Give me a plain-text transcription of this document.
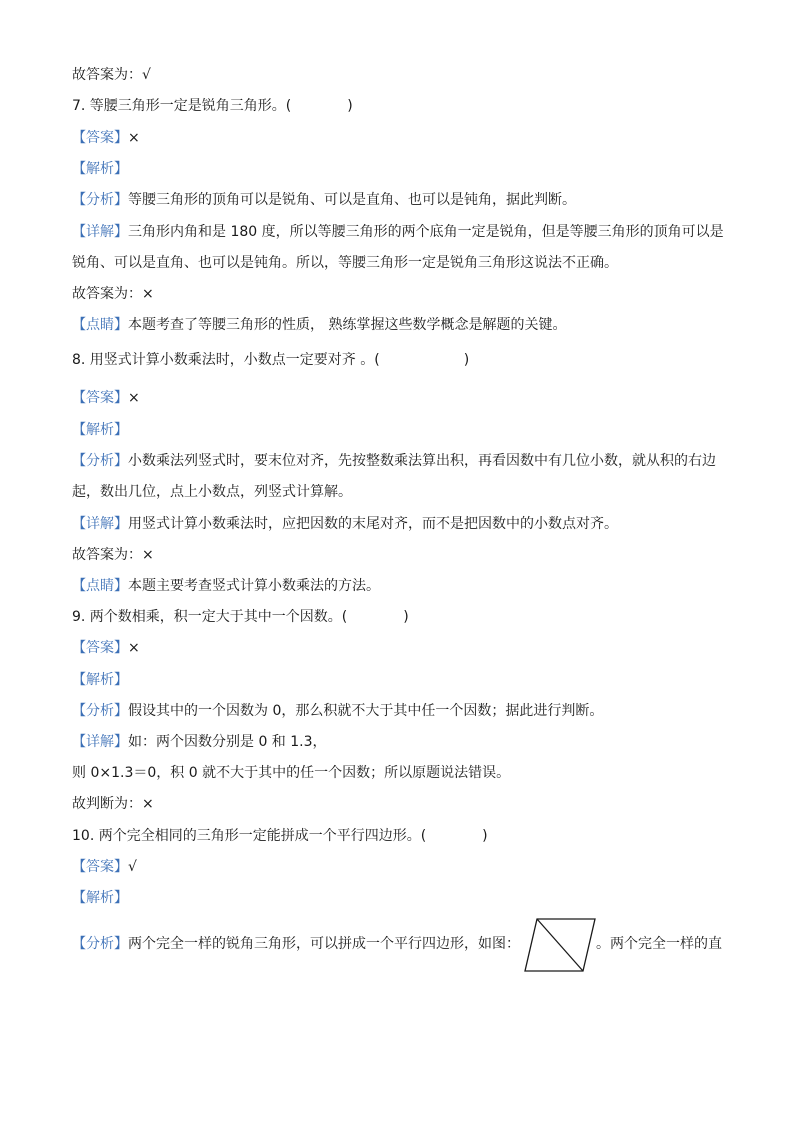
故答案为：√
7. 等腰三角形一定是锐角三角形。(　　　　)
【答案】×
【解析】
【分析】等腰三角形的顶角可以是锐角、可以是直角、也可以是钝角，据此判断。
【详解】三角形内角和是 180 度，所以等腰三角形的两个底角一定是锐角，但是等腰三角形的顶角可以是
锐角、可以是直角、也可以是钝角。所以，等腰三角形一定是锐角三角形这说法不正确。
故答案为：×
【点睛】本题考查了等腰三角形的性质， 熟练掌握这些数学概念是解题的关键。
8. 用竖式计算小数乘法时，小数点一定要对齐 。(　　　　　　)
【答案】×
【解析】
【分析】小数乘法列竖式时，要末位对齐，先按整数乘法算出积，再看因数中有几位小数，就从积的右边
起，数出几位，点上小数点，列竖式计算解。
【详解】用竖式计算小数乘法时，应把因数的末尾对齐，而不是把因数中的小数点对齐。
故答案为：×
【点睛】本题主要考查竖式计算小数乘法的方法。
9. 两个数相乘，积一定大于其中一个因数。(　　　　)
【答案】×
【解析】
【分析】假设其中的一个因数为 0，那么积就不大于其中任一个因数；据此进行判断。
【详解】如：两个因数分别是 0 和 1.3，
则 0×1.3＝0，积 0 就不大于其中的任一个因数；所以原题说法错误。
故判断为：×
10. 两个完全相同的三角形一定能拼成一个平行四边形。(　　　　)
【答案】√
【解析】
【分析】两个完全一样的锐角三角形，可以拼成一个平行四边形，如图：	。两个完全一样的直
